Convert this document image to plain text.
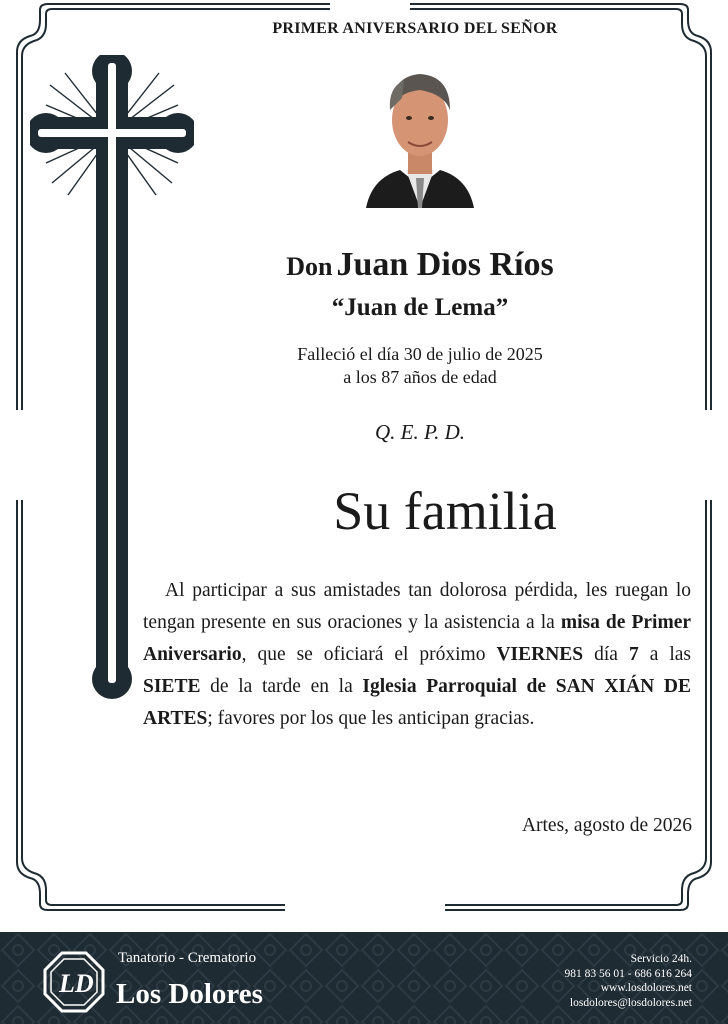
PRIMER ANIVERSARIO DEL SEÑOR
Don Juan Dios Ríos
“Juan de Lema”
Falleció el día 30 de julio de 2025
a los 87 años de edad
Q. E. P. D.
Su familia
Al participar a sus amistades tan dolorosa pérdida, les ruegan lo tengan presente en sus oraciones y la asistencia a la misa de Primer Aniversario, que se oficiará el próximo VIERNES día 7 a las SIETE de la tarde en la Iglesia Parroquial de SAN XIÁN DE ARTES; favores por los que les anticipan gracias.
Artes, agosto de 2026
LD
Tanatorio - Crematorio
Los Dolores
Servicio 24h.
981 83 56 01 - 686 616 264
www.losdolores.net
losdolores@losdolores.net
